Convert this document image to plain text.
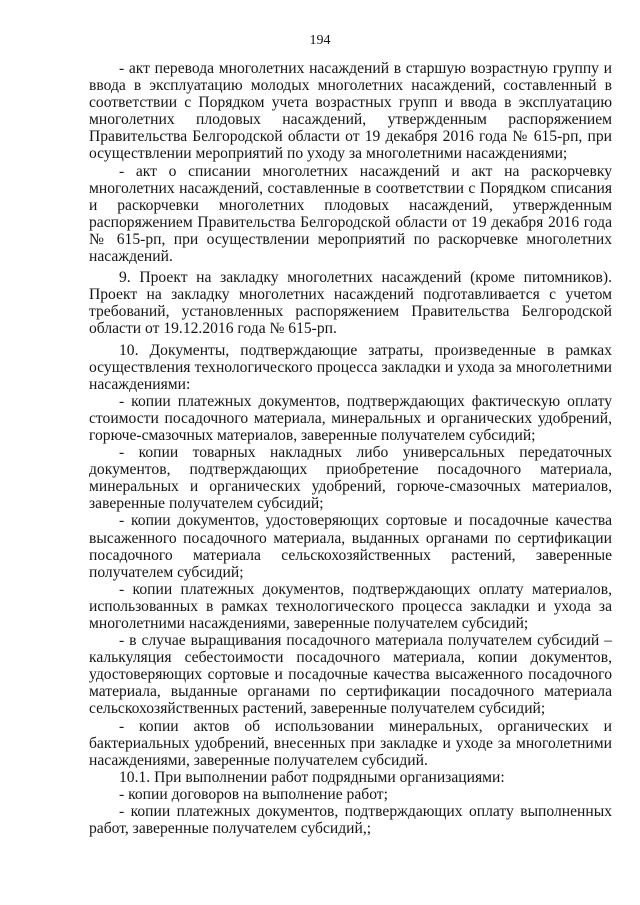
194

- акт перевода многолетних насаждений в старшую возрастную группу и ввода в эксплуатацию молодых многолетних насаждений, составленный в соответствии с Порядком учета возрастных групп и ввода в эксплуатацию многолетних плодовых насаждений, утвержденным распоряжением Правительства Белгородской области от 19 декабря 2016 года № 615-рп, при осуществлении мероприятий по уходу за многолетними насаждениями;

- акт о списании многолетних насаждений и акт на раскорчевку многолетних насаждений, составленные в соответствии с Порядком списания и раскорчевки многолетних плодовых насаждений, утвержденным распоряжением Правительства Белгородской области от 19 декабря 2016 года № 615-рп, при осуществлении мероприятий по раскорчевке многолетних насаждений.

9. Проект на закладку многолетних насаждений (кроме питомников). Проект на закладку многолетних насаждений подготавливается с учетом требований, установленных распоряжением Правительства Белгородской области от 19.12.2016 года № 615-рп.

10. Документы, подтверждающие затраты, произведенные в рамках осуществления технологического процесса закладки и ухода за многолетними насаждениями:

- копии платежных документов, подтверждающих фактическую оплату стоимости посадочного материала, минеральных и органических удобрений, горюче-смазочных материалов, заверенные получателем субсидий;

- копии товарных накладных либо универсальных передаточных документов, подтверждающих приобретение посадочного материала, минеральных и органических удобрений, горюче-смазочных материалов, заверенные получателем субсидий;

- копии документов, удостоверяющих сортовые и посадочные качества высаженного посадочного материала, выданных органами по сертификации посадочного материала сельскохозяйственных растений, заверенные получателем субсидий;

- копии платежных документов, подтверждающих оплату материалов, использованных в рамках технологического процесса закладки и ухода за многолетними насаждениями, заверенные получателем субсидий;

- в случае выращивания посадочного материала получателем субсидий – калькуляция себестоимости посадочного материала, копии документов, удостоверяющих сортовые и посадочные качества высаженного посадочного материала, выданные органами по сертификации посадочного материала сельскохозяйственных растений, заверенные получателем субсидий;

- копии актов об использовании минеральных, органических и бактериальных удобрений, внесенных при закладке и уходе за многолетними насаждениями, заверенные получателем субсидий.

10.1. При выполнении работ подрядными организациями:

- копии договоров на выполнение работ;

- копии платежных документов, подтверждающих оплату выполненных работ, заверенные получателем субсидий,;
